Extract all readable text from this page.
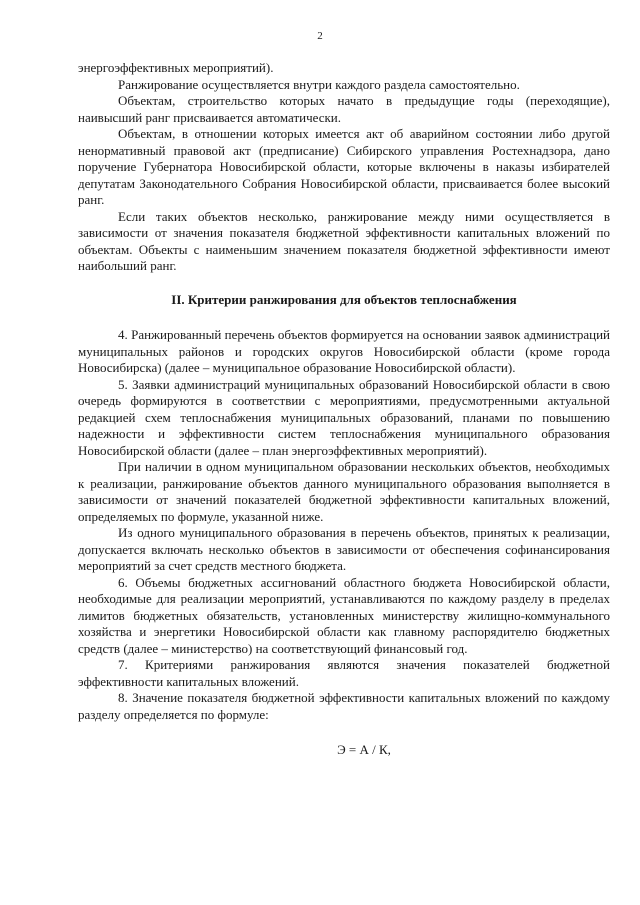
2

энергоэффективных мероприятий).

Ранжирование осуществляется внутри каждого раздела самостоятельно.

Объектам, строительство которых начато в предыдущие годы (переходящие), наивысший ранг присваивается автоматически.

Объектам, в отношении которых имеется акт об аварийном состоянии либо другой ненормативный правовой акт (предписание) Сибирского управления Ростехнадзора, дано поручение Губернатора Новосибирской области, которые включены в наказы избирателей депутатам Законодательного Собрания Новосибирской области, присваивается более высокий ранг.

Если таких объектов несколько, ранжирование между ними осуществляется в зависимости от значения показателя бюджетной эффективности капитальных вложений по объектам. Объекты с наименьшим значением показателя бюджетной эффективности имеют наибольший ранг.

II. Критерии ранжирования для объектов теплоснабжения

4. Ранжированный перечень объектов формируется на основании заявок администраций муниципальных районов и городских округов Новосибирской области (кроме города Новосибирска) (далее – муниципальное образование Новосибирской области).

5. Заявки администраций муниципальных образований Новосибирской области в свою очередь формируются в соответствии с мероприятиями, предусмотренными актуальной редакцией схем теплоснабжения муниципальных образований, планами по повышению надежности и эффективности систем теплоснабжения муниципального образования Новосибирской области (далее – план энергоэффективных мероприятий).

При наличии в одном муниципальном образовании нескольких объектов, необходимых к реализации, ранжирование объектов данного муниципального образования выполняется в зависимости от значений показателей бюджетной эффективности капитальных вложений, определяемых по формуле, указанной ниже.

Из одного муниципального образования в перечень объектов, принятых к реализации, допускается включать несколько объектов в зависимости от обеспечения софинансирования мероприятий за счет средств местного бюджета.

6. Объемы бюджетных ассигнований областного бюджета Новосибирской области, необходимые для реализации мероприятий, устанавливаются по каждому разделу в пределах лимитов бюджетных обязательств, установленных министерству жилищно-коммунального хозяйства и энергетики Новосибирской области как главному распорядителю бюджетных средств (далее – министерство) на соответствующий финансовый год.

7. Критериями ранжирования являются значения показателей бюджетной эффективности капитальных вложений.

8. Значение показателя бюджетной эффективности капитальных вложений по каждому разделу определяется по формуле:

Э = А / К,
